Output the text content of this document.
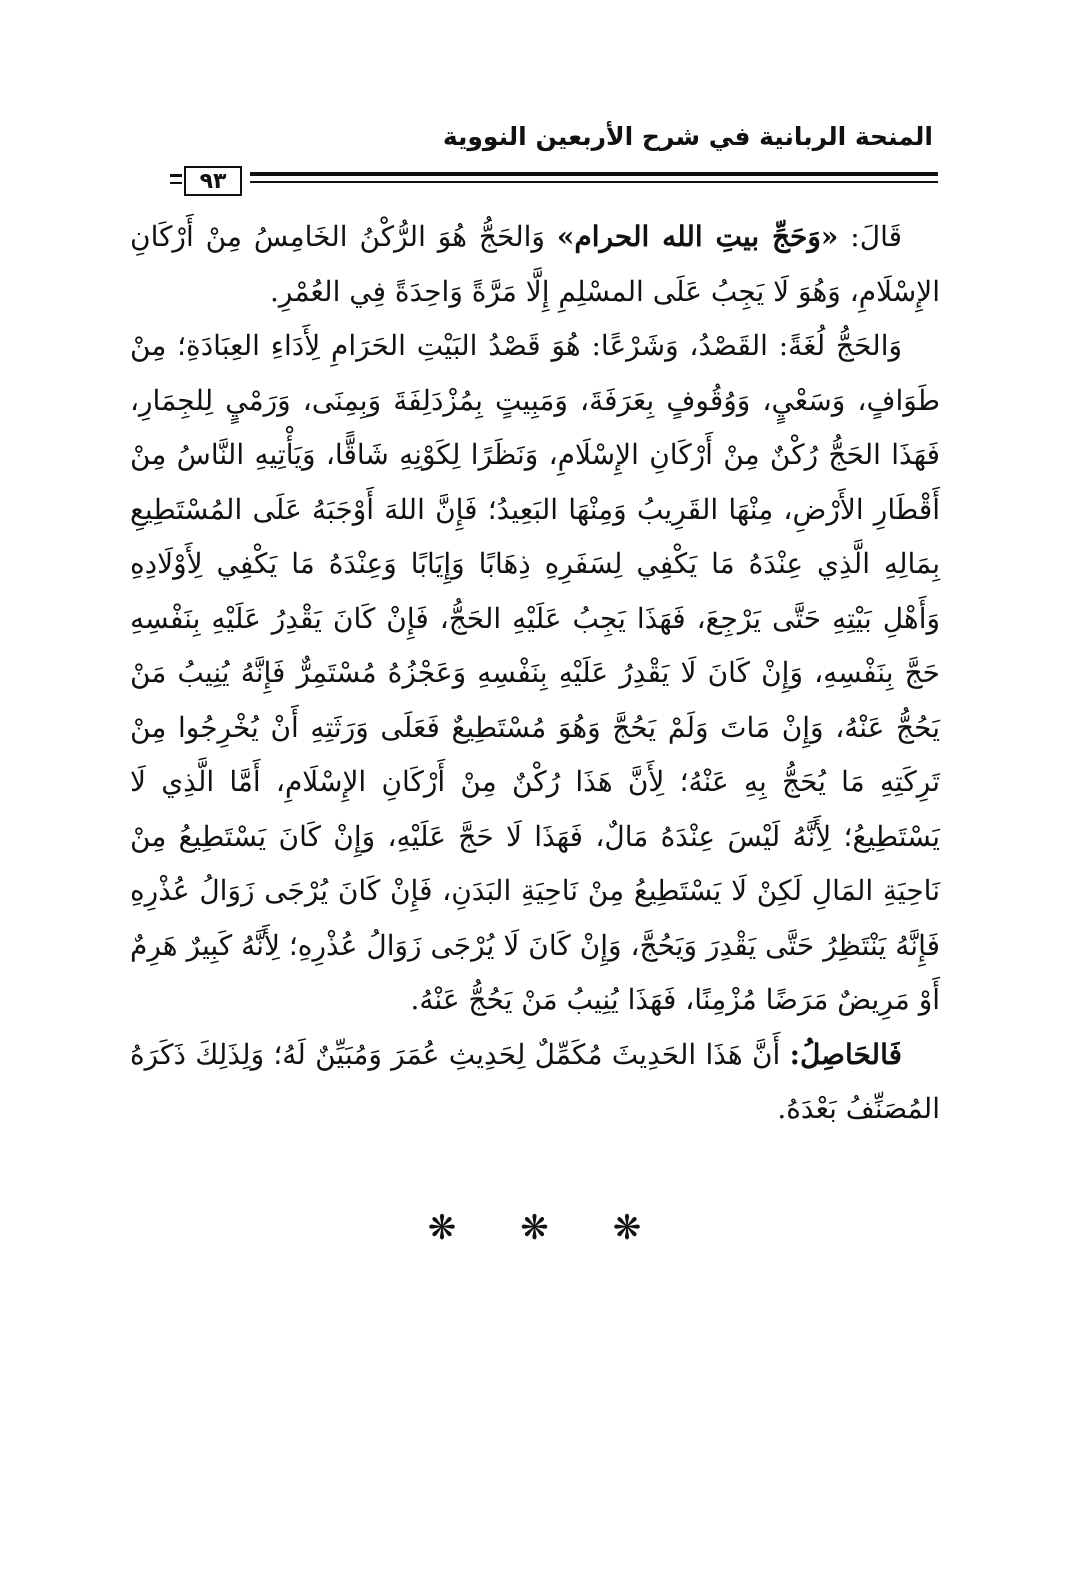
المنحة الربانية في شرح الأربعين النووية
٩٣

قَالَ: «وَحَجِّ بيتِ الله الحرام» وَالحَجُّ هُوَ الرُّكْنُ الخَامِسُ مِنْ أَرْكَانِ الإِسْلَامِ، وَهُوَ لَا يَجِبُ عَلَى المسْلِمِ إِلَّا مَرَّةً وَاحِدَةً فِي العُمْرِ.

وَالحَجُّ لُغَةً: القَصْدُ، وَشَرْعًا: هُوَ قَصْدُ البَيْتِ الحَرَامِ لِأَدَاءِ العِبَادَةِ؛ مِنْ طَوَافٍ، وَسَعْيٍ، وَوُقُوفٍ بِعَرَفَةَ، وَمَبِيتٍ بِمُزْدَلِفَةَ وَبِمِنَى، وَرَمْيٍ لِلجِمَارِ، فَهَذَا الحَجُّ رُكْنٌ مِنْ أَرْكَانِ الإِسْلَامِ، وَنَظَرًا لِكَوْنِهِ شَاقًّا، وَيَأْتِيهِ النَّاسُ مِنْ أَقْطَارِ الأَرْضِ، مِنْهَا القَرِيبُ وَمِنْهَا البَعِيدُ؛ فَإِنَّ اللهَ أَوْجَبَهُ عَلَى المُسْتَطِيعِ بِمَالِهِ الَّذِي عِنْدَهُ مَا يَكْفِي لِسَفَرِهِ ذِهَابًا وَإِيَابًا وَعِنْدَهُ مَا يَكْفِي لِأَوْلَادِهِ وَأَهْلِ بَيْتِهِ حَتَّى يَرْجِعَ، فَهَذَا يَجِبُ عَلَيْهِ الحَجُّ، فَإِنْ كَانَ يَقْدِرُ عَلَيْهِ بِنَفْسِهِ حَجَّ بِنَفْسِهِ، وَإِنْ كَانَ لَا يَقْدِرُ عَلَيْهِ بِنَفْسِهِ وَعَجْزُهُ مُسْتَمِرٌّ فَإِنَّهُ يُنِيبُ مَنْ يَحُجُّ عَنْهُ، وَإِنْ مَاتَ وَلَمْ يَحُجَّ وَهُوَ مُسْتَطِيعٌ فَعَلَى وَرَثَتِهِ أَنْ يُخْرِجُوا مِنْ تَرِكَتِهِ مَا يُحَجُّ بِهِ عَنْهُ؛ لِأَنَّ هَذَا رُكْنٌ مِنْ أَرْكَانِ الإِسْلَامِ، أَمَّا الَّذِي لَا يَسْتَطِيعُ؛ لِأَنَّهُ لَيْسَ عِنْدَهُ مَالٌ، فَهَذَا لَا حَجَّ عَلَيْهِ، وَإِنْ كَانَ يَسْتَطِيعُ مِنْ نَاحِيَةِ المَالِ لَكِنْ لَا يَسْتَطِيعُ مِنْ نَاحِيَةِ البَدَنِ، فَإِنْ كَانَ يُرْجَى زَوَالُ عُذْرِهِ فَإِنَّهُ يَنْتَظِرُ حَتَّى يَقْدِرَ وَيَحُجَّ، وَإِنْ كَانَ لَا يُرْجَى زَوَالُ عُذْرِهِ؛ لِأَنَّهُ كَبِيرٌ هَرِمٌ أَوْ مَرِيضٌ مَرَضًا مُزْمِنًا، فَهَذَا يُنِيبُ مَنْ يَحُجُّ عَنْهُ.

فَالحَاصِلُ: أَنَّ هَذَا الحَدِيثَ مُكَمِّلٌ لِحَدِيثِ عُمَرَ وَمُبَيِّنٌ لَهُ؛ وَلِذَلِكَ ذَكَرَهُ المُصَنِّفُ بَعْدَهُ.

❋ ❋ ❋
